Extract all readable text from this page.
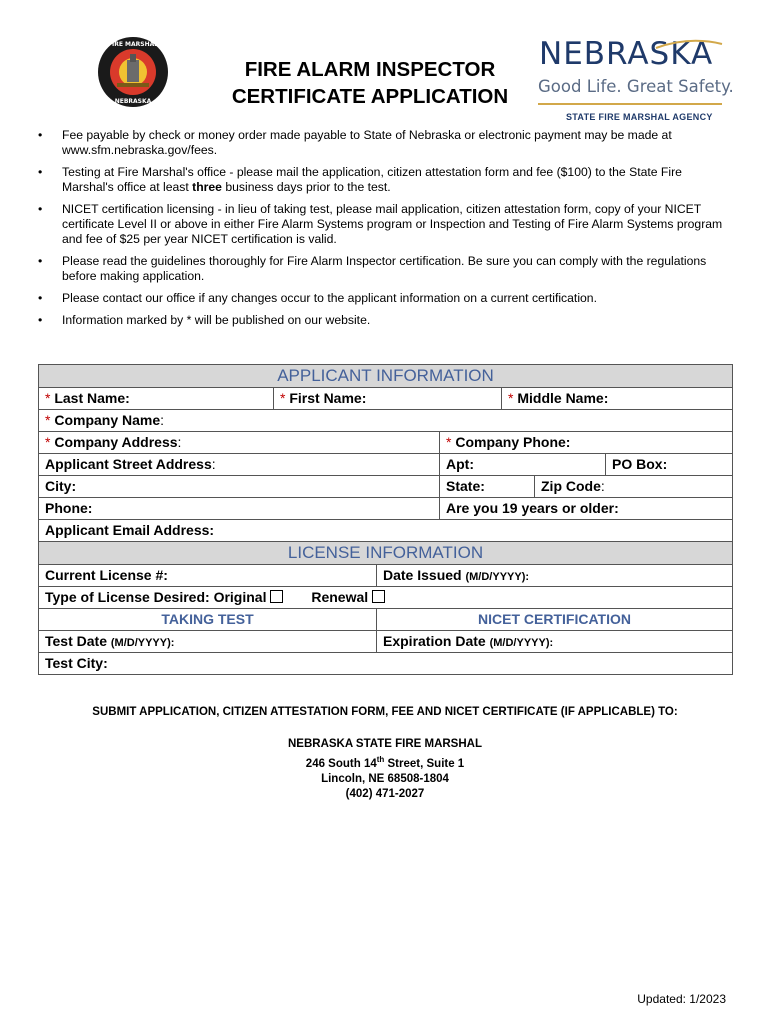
FIRE MARSHAL
NEBRASKA
FIRE ALARM INSPECTOR
CERTIFICATE APPLICATION
NEBRASKA
Good Life. Great Safety.
STATE FIRE MARSHAL AGENCY
• Fee payable by check or money order made payable to State of Nebraska or electronic payment may be made at www.sfm.nebraska.gov/fees.
• Testing at Fire Marshal's office - please mail the application, citizen attestation form and fee ($100) to the State Fire Marshal's office at least three business days prior to the test.
• NICET certification licensing - in lieu of taking test, please mail application, citizen attestation form, copy of your NICET certificate Level II or above in either Fire Alarm Systems program or Inspection and Testing of Fire Alarm Systems program and fee of $25 per year NICET certification is valid.
• Please read the guidelines thoroughly for Fire Alarm Inspector certification. Be sure you can comply with the regulations before making application.
• Please contact our office if any changes occur to the applicant information on a current certification.
• Information marked by * will be published on our website.
APPLICANT INFORMATION
* Last Name:	* First Name:	* Middle Name:
* Company Name:
* Company Address:	* Company Phone:
Applicant Street Address:	Apt:	PO Box:
City:	State:	Zip Code:
Phone:	Are you 19 years or older:
Applicant Email Address:
LICENSE INFORMATION
Current License #:	Date Issued (M/D/YYYY):
Type of License Desired: Original	Renewal
TAKING TEST	NICET CERTIFICATION
Test Date (M/D/YYYY):	Expiration Date (M/D/YYYY):
Test City:
SUBMIT APPLICATION, CITIZEN ATTESTATION FORM, FEE AND NICET CERTIFICATE (IF APPLICABLE) TO:
NEBRASKA STATE FIRE MARSHAL
246 South 14th Street, Suite 1
Lincoln, NE 68508-1804
(402) 471-2027
Updated: 1/2023
